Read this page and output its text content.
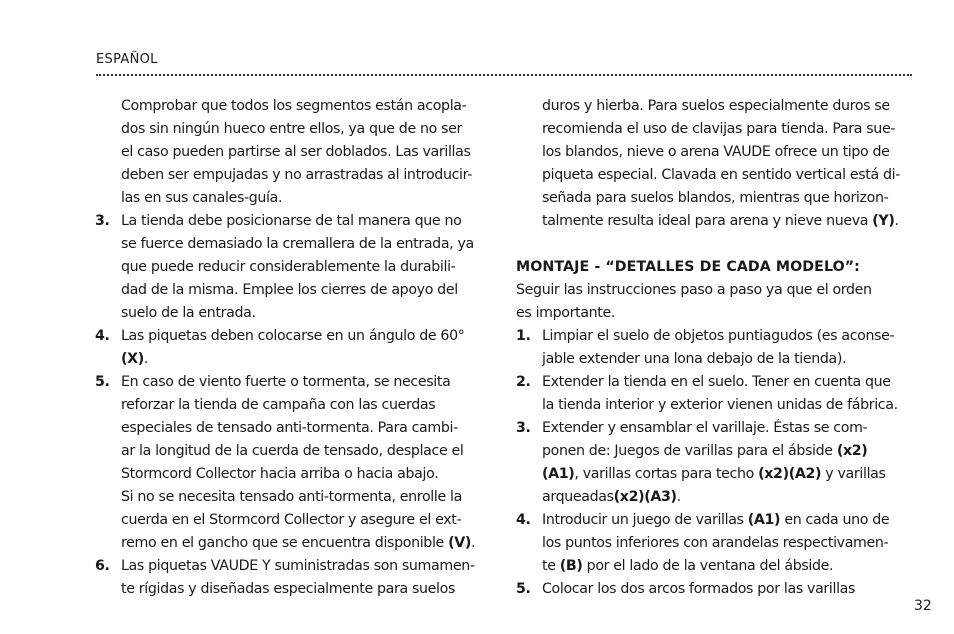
ESPAÑOL
Comprobar que todos los segmentos están acopla-
dos sin ningún hueco entre ellos, ya que de no ser
el caso pueden partirse al ser doblados. Las varillas
deben ser empujadas y no arrastradas al introducir-
las en sus canales-guía.
3. La tienda debe posicionarse de tal manera que no
se fuerce demasiado la cremallera de la entrada, ya
que puede reducir considerablemente la durabili-
dad de la misma. Emplee los cierres de apoyo del
suelo de la entrada.
4. Las piquetas deben colocarse en un ángulo de 60°
(X).
5. En caso de viento fuerte o tormenta, se necesita
reforzar la tienda de campaña con las cuerdas
especiales de tensado anti-tormenta. Para cambi-
ar la longitud de la cuerda de tensado, desplace el
Stormcord Collector hacia arriba o hacia abajo.
Si no se necesita tensado anti-tormenta, enrolle la
cuerda en el Stormcord Collector y asegure el ext-
remo en el gancho que se encuentra disponible (V).
6. Las piquetas VAUDE Y suministradas son sumamen-
te rígidas y diseñadas especialmente para suelos
duros y hierba. Para suelos especialmente duros se
recomienda el uso de clavijas para tienda. Para sue-
los blandos, nieve o arena VAUDE ofrece un tipo de
piqueta especial. Clavada en sentido vertical está di-
señada para suelos blandos, mientras que horizon-
talmente resulta ideal para arena y nieve nueva (Y).
MONTAJE - “DETALLES DE CADA MODELO”:
Seguir las instrucciones paso a paso ya que el orden
es importante.
1. Limpiar el suelo de objetos puntiagudos (es aconse-
jable extender una lona debajo de la tienda).
2. Extender la tienda en el suelo. Tener en cuenta que
la tienda interior y exterior vienen unidas de fábrica.
3. Extender y ensamblar el varillaje. Éstas se com-
ponen de: Juegos de varillas para el ábside (x2)
(A1), varillas cortas para techo (x2)(A2) y varillas
arqueadas(x2)(A3).
4. Introducir un juego de varillas (A1) en cada uno de
los puntos inferiores con arandelas respectivamen-
te (B) por el lado de la ventana del ábside.
5. Colocar los dos arcos formados por las varillas
32
